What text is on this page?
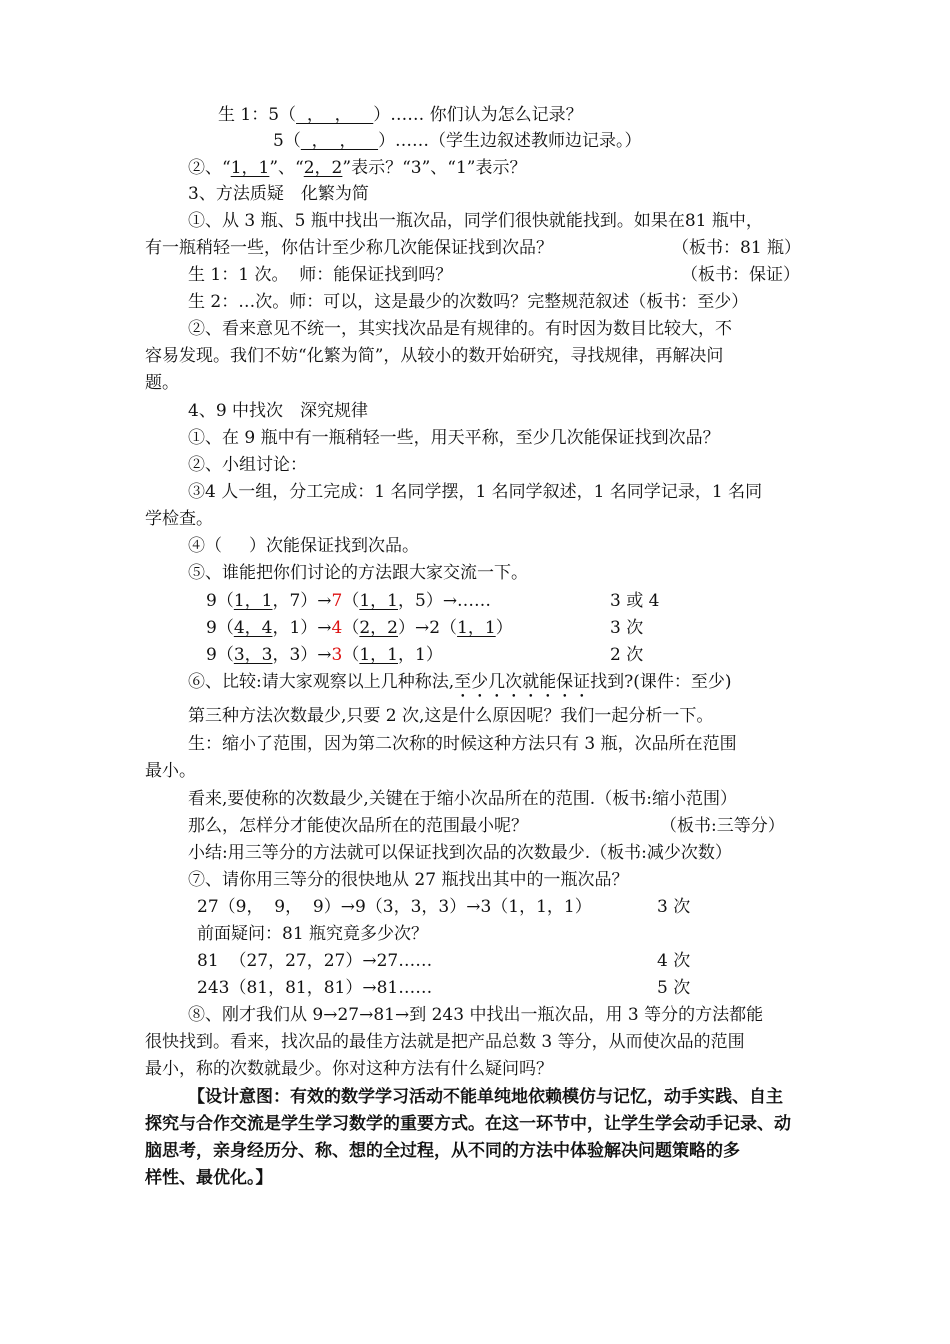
生 1：5（  ，  ，    ）…… 你们认为怎么记录？
5（  ，  ，    ）……（学生边叙述教师边记录。）
②、“1，1”、“2，2”表示？“3”、“1”表示？
3、方法质疑　化繁为简
①、从 3 瓶、5 瓶中找出一瓶次品，同学们很快就能找到。如果在81 瓶中，
有一瓶稍轻一些，你估计至少称几次能保证找到次品？	（板书：81 瓶）
生 1：1 次。  师：能保证找到吗？	（板书：保证）
生 2：…次。师：可以，这是最少的次数吗？完整规范叙述（板书：至少）
②、看来意见不统一，其实找次品是有规律的。有时因为数目比较大，不
容易发现。我们不妨“化繁为简”，从较小的数开始研究，寻找规律，再解决问
题。
4、9 中找次　深究规律
①、在 9 瓶中有一瓶稍轻一些，用天平称，至少几次能保证找到次品？
②、小组讨论：
③4 人一组，分工完成：1 名同学摆，1 名同学叙述，1 名同学记录，1 名同
学检查。
④（     ）次能保证找到次品。
⑤、谁能把你们讨论的方法跟大家交流一下。
9（1，1，7）→7（1，1，5）→……	3 或 4
9（4，4，1）→4（2，2）→2（1，1）	3 次
9（3，3，3）→3（1，1，1）	2 次
⑥、比较:请大家观察以上几种称法,至少几次就能保证找到?(课件：至少)
第三种方法次数最少,只要 2 次,这是什么原因呢？我们一起分析一下。
生：缩小了范围，因为第二次称的时候这种方法只有 3 瓶，次品所在范围
最小。
看来,要使称的次数最少,关键在于缩小次品所在的范围.（板书:缩小范围）
那么，怎样分才能使次品所在的范围最小呢？	（板书:三等分）
小结:用三等分的方法就可以保证找到次品的次数最少.（板书:减少次数）
⑦、请你用三等分的很快地从 27 瓶找出其中的一瓶次品？
27（9，  9，  9）→9（3，3，3）→3（1，1，1）	3 次
前面疑问：81 瓶究竟多少次？
81  （27，27，27）→27……	4 次
243（81，81，81）→81……	5 次
⑧、刚才我们从 9→27→81→到 243 中找出一瓶次品，用 3 等分的方法都能
很快找到。看来，找次品的最佳方法就是把产品总数 3 等分，从而使次品的范围
最小，称的次数就最少。你对这种方法有什么疑问吗？
【设计意图：有效的数学学习活动不能单纯地依赖模仿与记忆，动手实践、自主
探究与合作交流是学生学习数学的重要方式。在这一环节中，让学生学会动手记录、动
脑思考，亲身经历分、称、想的全过程，从不同的方法中体验解决问题策略的多
样性、最优化。】
